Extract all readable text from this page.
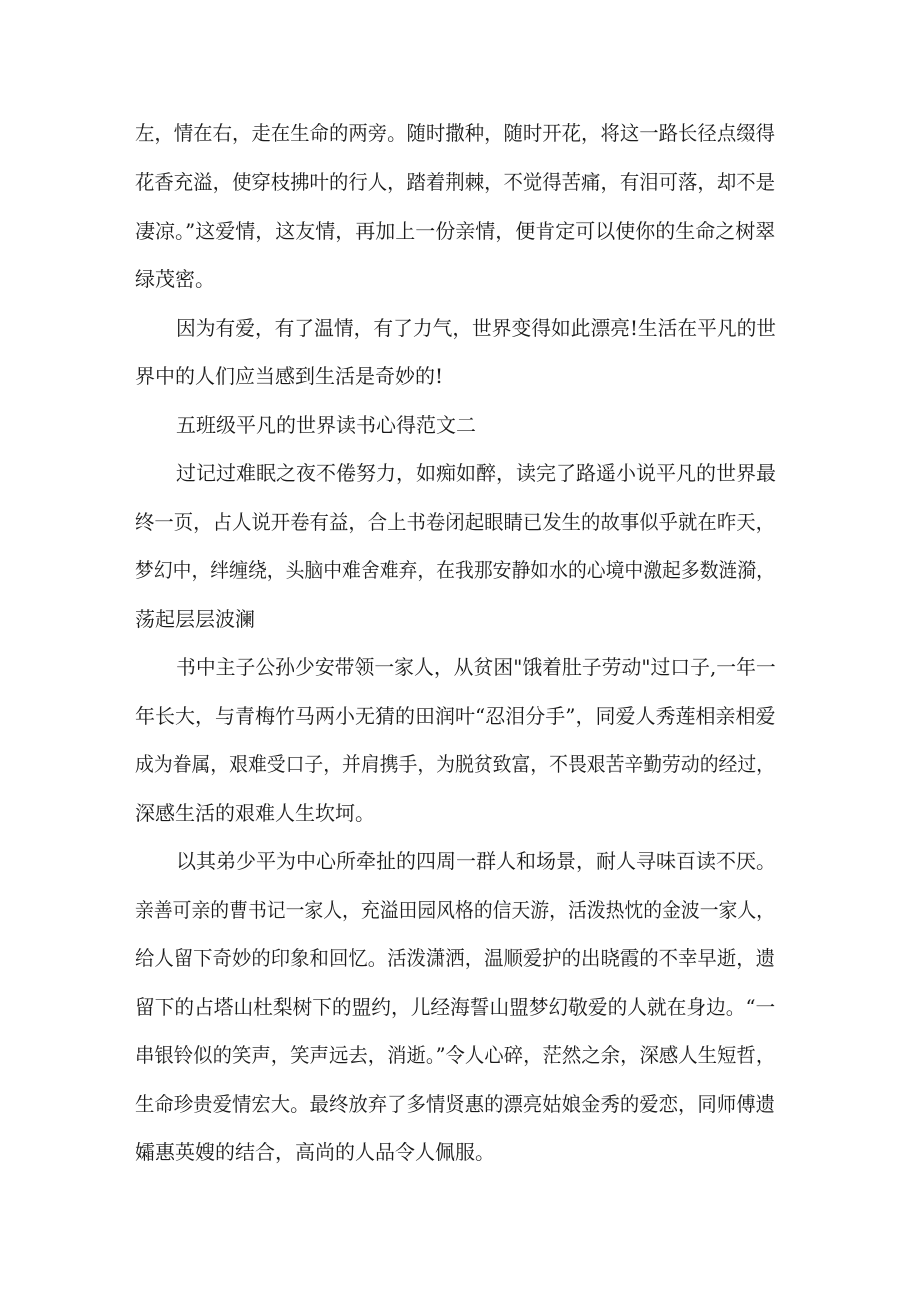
左，情在右，走在生命的两旁。随时撒种，随时开花，将这一路长径点缀得
花香充溢，使穿枝拂叶的行人，踏着荆棘，不觉得苦痛，有泪可落，却不是
凄凉。”这爱情，这友情，再加上一份亲情，便肯定可以使你的生命之树翠
绿茂密。
因为有爱，有了温情，有了力气，世界变得如此漂亮!生活在平凡的世
界中的人们应当感到生活是奇妙的!
五班级平凡的世界读书心得范文二
过记过难眠之夜不倦努力，如痴如醉，读完了路遥小说平凡的世界最
终一页，占人说开卷有益，合上书卷闭起眼睛已发生的故事似乎就在昨天，
梦幻中，绊缠绕，头脑中难舍难弃，在我那安静如水的心境中激起多数涟漪，
荡起层层波澜
书中主子公孙少安带领一家人，从贫困"饿着肚子劳动"过口子,一年一
年长大，与青梅竹马两小无猜的田润叶“忍泪分手”，同爱人秀莲相亲相爱
成为眷属，艰难受口子，并肩携手，为脱贫致富，不畏艰苦辛勤劳动的经过，
深感生活的艰难人生坎坷。
以其弟少平为中心所牵扯的四周一群人和场景，耐人寻味百读不厌。
亲善可亲的曹书记一家人，充溢田园风格的信天游，活泼热忱的金波一家人，
给人留下奇妙的印象和回忆。活泼潇洒，温顺爱护的出晓霞的不幸早逝，遗
留下的占塔山杜梨树下的盟约，儿经海誓山盟梦幻敬爱的人就在身边。“一
串银铃似的笑声，笑声远去，消逝。”令人心碎，茫然之余，深感人生短哲，
生命珍贵爱情宏大。最终放弃了多情贤惠的漂亮姑娘金秀的爱恋，同师傅遗
孀惠英嫂的结合，高尚的人品令人佩服。
